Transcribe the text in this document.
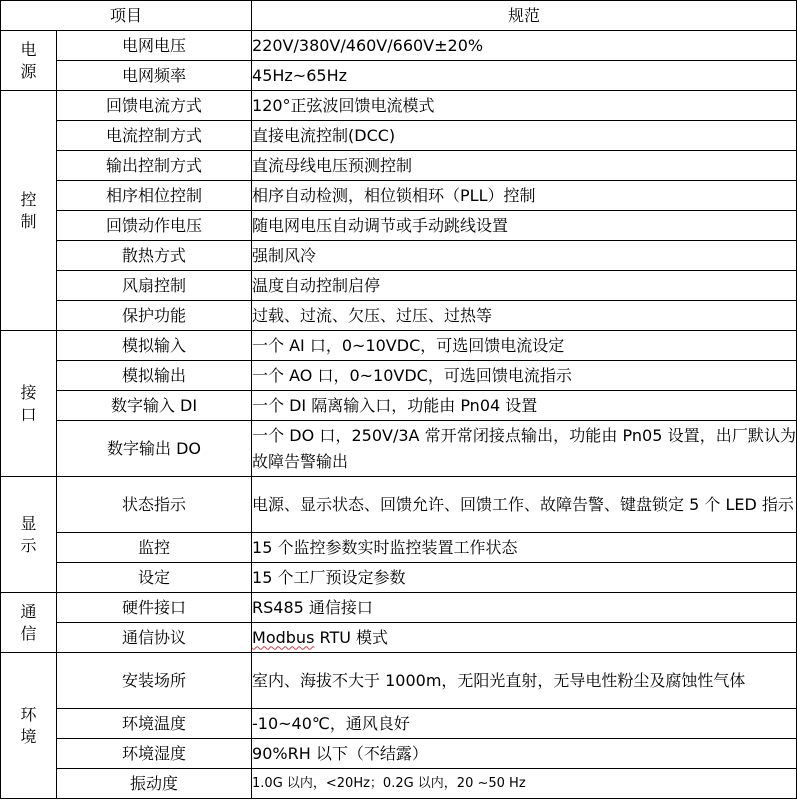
项目		规范

电
源	电网电压	220V/380V/460V/660V±20%
	电网频率	45Hz~65Hz

控
制	回馈电流方式	120°正弦波回馈电流模式
	电流控制方式	直接电流控制(DCC)
	输出控制方式	直流母线电压预测控制
	相序相位控制	相序自动检测，相位锁相环（PLL）控制
	回馈动作电压	随电网电压自动调节或手动跳线设置
	散热方式	强制风冷
	风扇控制	温度自动控制启停
	保护功能	过载、过流、欠压、过压、过热等

接
口	模拟输入	一个 AI 口，0~10VDC，可选回馈电流设定
	模拟输出	一个 AO 口，0~10VDC，可选回馈电流指示
	数字输入 DI	一个 DI 隔离输入口，功能由 Pn04 设置
	数字输出 DO	一个 DO 口，250V/3A 常开常闭接点输出，功能由 Pn05 设置，出厂默认为故障告警输出

显
示	状态指示	电源、显示状态、回馈允许、回馈工作、故障告警、键盘锁定 5 个 LED 指示
	监控	15 个监控参数实时监控装置工作状态
	设定	15 个工厂预设定参数

通
信	硬件接口	RS485 通信接口
	通信协议	Modbus RTU 模式

环
境	安装场所	室内、海拔不大于 1000m，无阳光直射，无导电性粉尘及腐蚀性气体
	环境温度	-10~40℃，通风良好
	环境湿度	90%RH 以下（不结露）
	振动度	1.0G 以内，<20Hz；0.2G 以内，20 ~50 Hz
